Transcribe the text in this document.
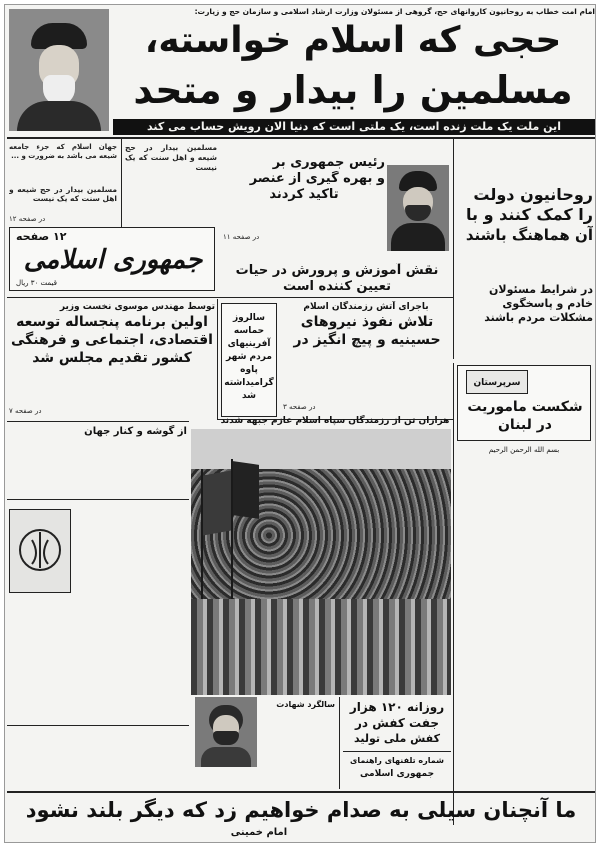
امام امت خطاب به روحانیون کاروانهای حج، گروهی از مسئولان وزارت ارشاد اسلامی و سازمان حج و زیارت:
حجی که اسلام خواسته،
مسلمین را بیدار و متحد
این ملت یک ملت زنده است، یک ملتی است که دنیا الان رویش حساب می کند
جهان اسلام که جزء جامعه شیعه می باشد به ضرورت و ...
مسلمین بیدار در حج شیعه و اهل سنت که یک نیست
در صفحه ۱۲
مسلمین بیدار در حج شیعه و اهل سنت که یک نیست	رئیس جمهوری بر
و بهره گیری از عنصر
تاکید کردند
در صفحه ۱۱
روحانیون دولت
را کمک کنند و با
آن هماهنگ باشند
در شرایط مسئولان
خادم و پاسخگوی
مشکلات مردم باشند
۱۲ صفحه
جمهوری اسلامی
قیمت ۳۰ ریال
نقش آموزش و پرورش در حیات
تعیین کننده است
توسط مهندس موسوی نخست وزیر
اولین برنامه پنجساله توسعه
اقتصادی، اجتماعی و فرهنگی
کشور تقدیم مجلس شد
در صفحه ۷
سالروز
حماسه
آفرینیهای
مردم شهر
پاوه
گرامیداشته
شد
باجرای آتش رزمندگان اسلام
تلاش نفوذ نیروهای
حسینیه و پیچ انگیز در
در صفحه ۳
سرپرستان
شکست ماموریت
در لبنان
بسم الله الرحمن الرحیم
هزاران تن از رزمندگان سپاه اسلام عازم جبهه شدند
از گوشه و کنار جهان
سالگرد شهادت	روزانه ۱۲۰ هزار
جفت کفش در
کفش ملی تولید
شماره تلفنهای راهنمای
جمهوری اسلامی
ما آنچنان سیلی به صدام خواهیم زد که دیگر بلند نشود
امام خمینی
